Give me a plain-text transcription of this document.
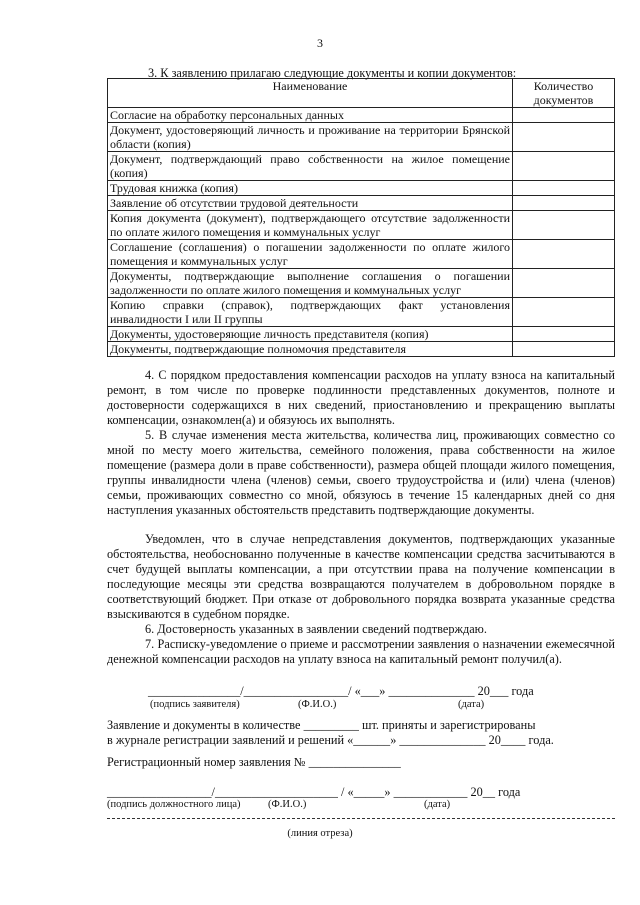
3
3. К заявлению прилагаю следующие документы и копии документов:
Наименование	Количество документов
Согласие на обработку персональных данных	
Документ, удостоверяющий личность и проживание на территории Брянской области (копия)	
Документ, подтверждающий право собственности на жилое помещение (копия)	
Трудовая книжка (копия)	
Заявление об отсутствии трудовой деятельности	
Копия документа (документ), подтверждающего отсутствие задолженности по оплате жилого помещения и коммунальных услуг	
Соглашение (соглашения) о погашении задолженности по оплате жилого помещения и коммунальных услуг	
Документы, подтверждающие выполнение соглашения о погашении задолженности по оплате жилого помещения и коммунальных услуг	
Копию справки (справок), подтверждающих факт установления инвалидности I или II группы	
Документы, удостоверяющие личность представителя (копия)	
Документы, подтверждающие полномочия представителя	

4. С порядком предоставления компенсации расходов на уплату взноса на капитальный ремонт, в том числе по проверке подлинности представленных документов, полноте и достоверности содержащихся в них сведений, приостановлению и прекращению выплаты компенсации, ознакомлен(а) и обязуюсь их выполнять.

5. В случае изменения места жительства, количества лиц, проживающих совместно со мной по месту моего жительства, семейного положения, права собственности на жилое помещение (размера доли в праве собственности), размера общей площади жилого помещения, группы инвалидности члена (членов) семьи, своего трудоустройства и (или) члена (членов) семьи, проживающих совместно со мной, обязуюсь в течение 15 календарных дней со дня наступления указанных обстоятельств представить подтверждающие документы.

Уведомлен, что в случае непредставления документов, подтверждающих указанные обстоятельства, необоснованно полученные в качестве компенсации средства засчитываются в счет будущей выплаты компенсации, а при отсутствии права на получение компенсации в последующие месяцы эти средства возвращаются получателем в добровольном порядке в соответствующий бюджет. При отказе от добровольного порядка возврата указанные средства взыскиваются в судебном порядке.

6. Достоверность указанных в заявлении сведений подтверждаю.

7. Расписку-уведомление о приеме и рассмотрении заявления о назначении ежемесячной денежной компенсации расходов на уплату взноса на капитальный ремонт получил(а).

_______________/_________________/ «___» ______________ 20___ года
(подпись заявителя)	(Ф.И.О.)	(дата)
Заявление и документы в количестве _________ шт. приняты и зарегистрированы
в журнале регистрации заявлений и решений «______» ______________ 20____ года.
Регистрационный номер заявления № _______________
_________________/____________________ / «_____» ____________ 20__ года
(подпись должностного лица)	(Ф.И.О.)	(дата)
(линия отреза)
